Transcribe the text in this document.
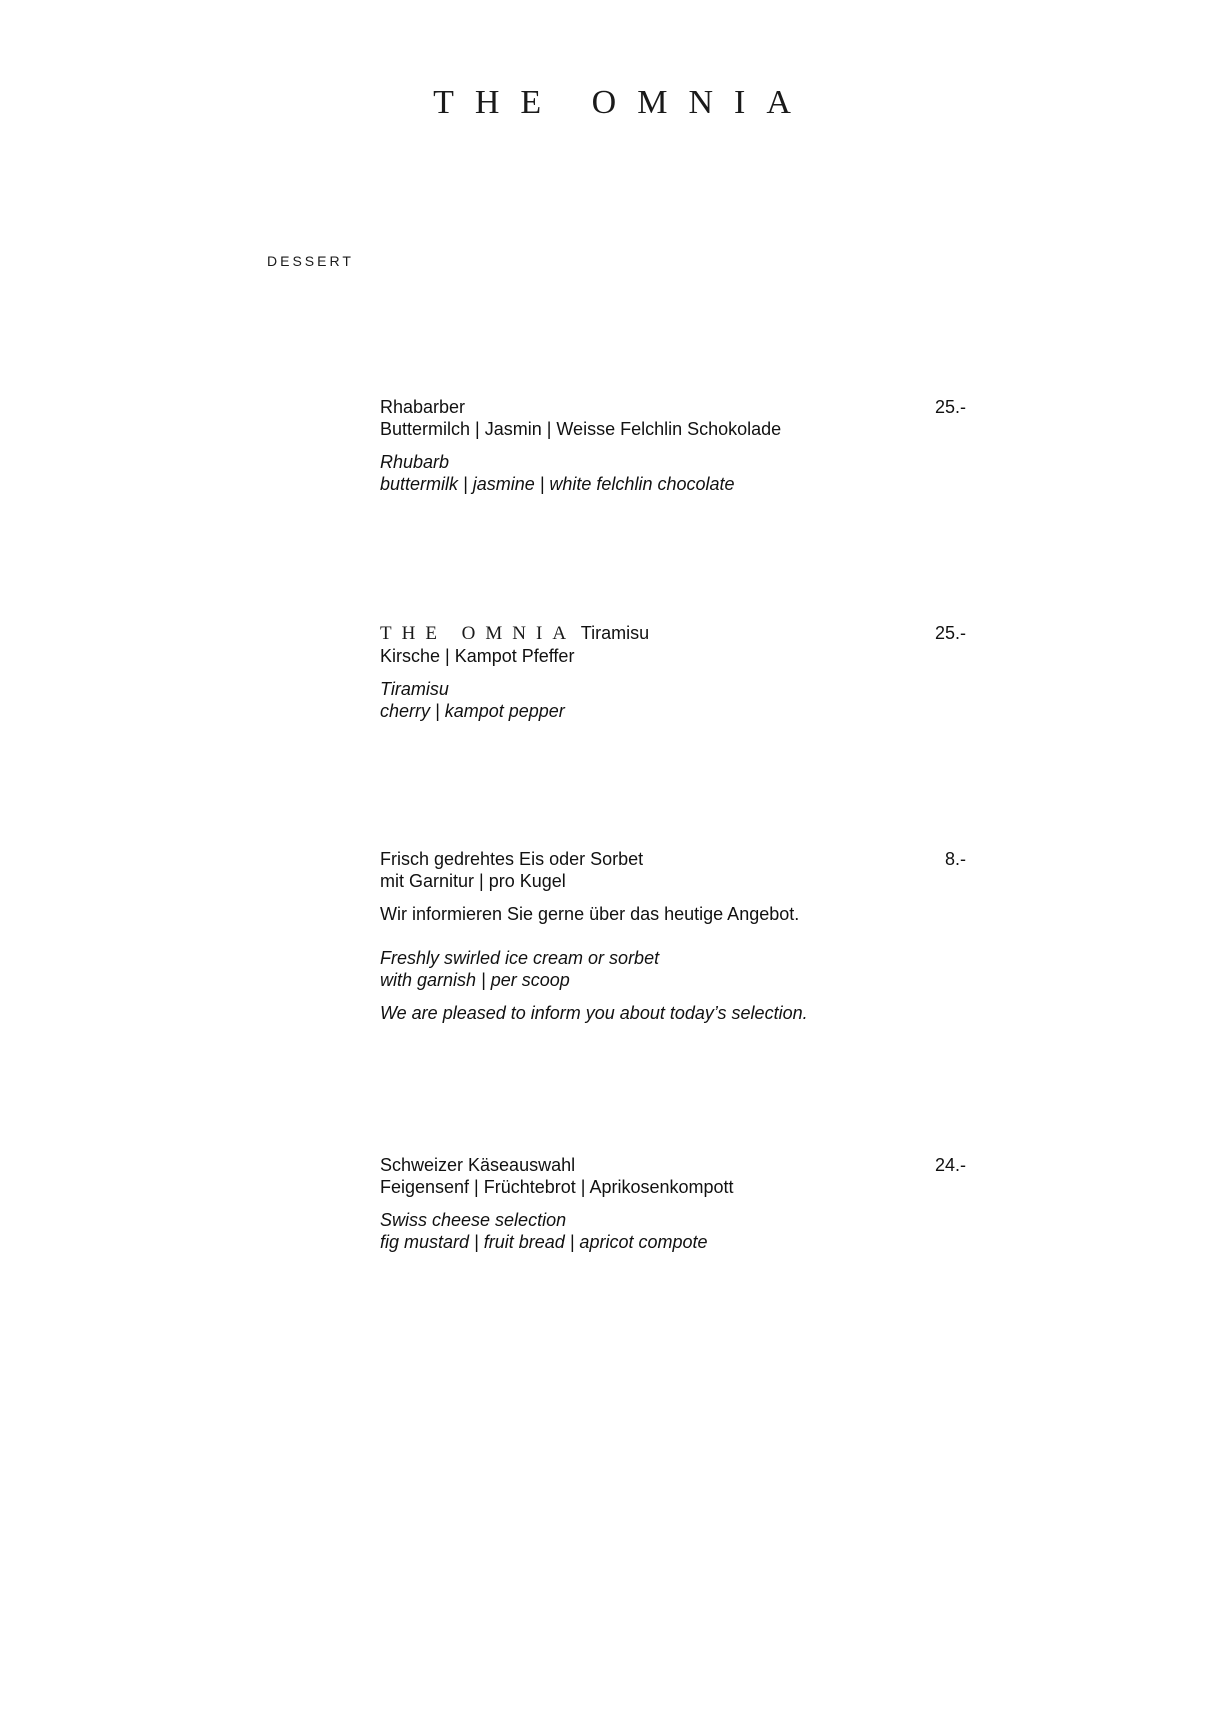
THE OMNIA
DESSERT
Rhabarber
Buttermilch | Jasmin | Weisse Felchlin Schokolade
Rhubarb
buttermilk | jasmine | white felchlin chocolate
25.-
THE OMNIA Tiramisu
Kirsche | Kampot Pfeffer
Tiramisu
cherry | kampot pepper
25.-
Frisch gedrehtes Eis oder Sorbet
mit Garnitur | pro Kugel
Wir informieren Sie gerne über das heutige Angebot.
Freshly swirled ice cream or sorbet
with garnish | per scoop
We are pleased to inform you about today’s selection.
8.-
Schweizer Käseauswahl
Feigensenf | Früchtebrot | Aprikosenkompott
Swiss cheese selection
fig mustard | fruit bread | apricot compote
24.-
